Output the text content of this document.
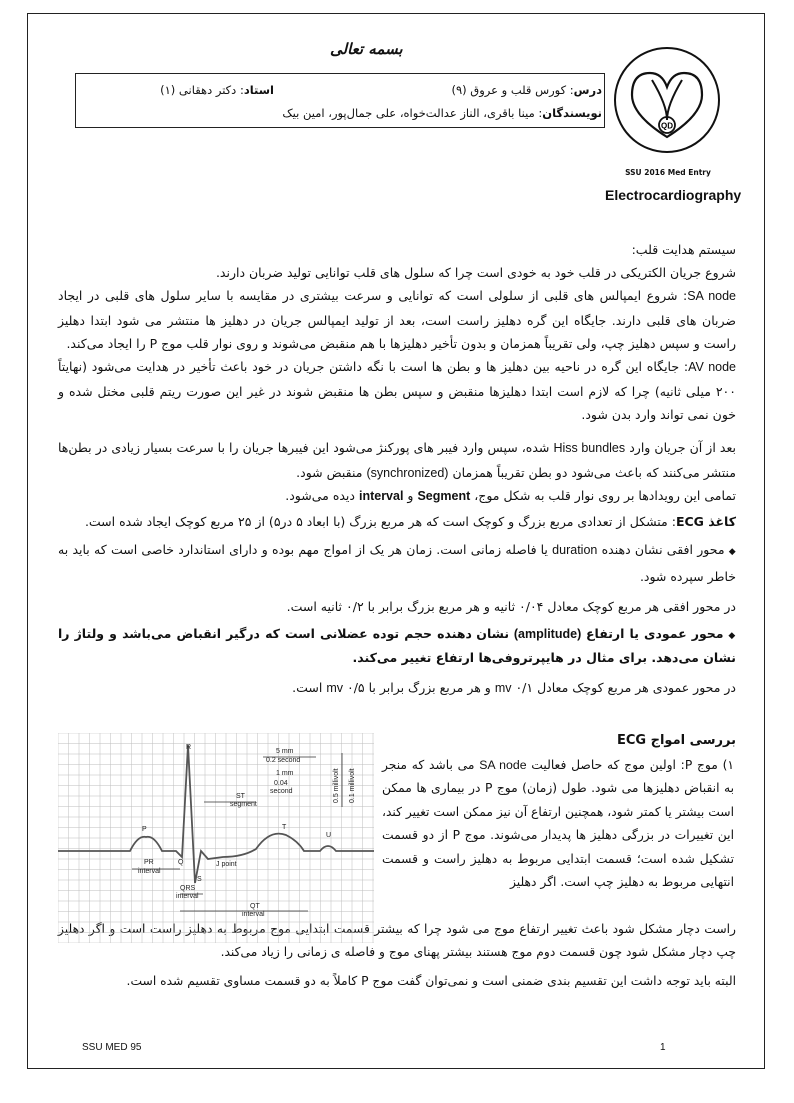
بسمه تعالی
درس: کورس قلب و عروق (۹)
استاد: دکتر دهقانی (۱)
نویسندگان: مینا باقری، الناز عدالت‌خواه، علی جمال‌پور، امین بیک
QD
SSU 2016 Med Entry
Electrocardiography
سیستم هدایت قلب:
شروع جریان الکتریکی در قلب خود به خودی است چرا که سلول های قلب توانایی تولید ضربان دارند.
SA node: شروع ایمپالس های قلبی از سلولی است که توانایی و سرعت بیشتری در مقایسه با سایر سلول های قلبی در ایجاد ضربان های قلبی دارند. جایگاه این گره دهلیز راست است، بعد از تولید ایمپالس جریان در دهلیز ها منتشر می شود ابتدا دهلیز راست و سپس دهلیز چپ، ولی تقریباً همزمان و بدون تأخیر دهلیزها با هم منقبض می‌شوند و روی نوار قلب موج P را ایجاد می‌کند.
AV node: جایگاه این گره در ناحیه بین دهلیز ها و بطن ها است با نگه داشتن جریان در خود باعث تأخیر در هدایت می‌شود (نهایتاً ۲۰۰ میلی ثانیه) چرا که لازم است ابتدا دهلیزها منقبض و سپس بطن ها منقبض شوند در غیر این صورت ریتم قلبی مختل شده و خون نمی تواند وارد بدن شود.
بعد از آن جریان وارد Hiss bundles شده، سپس وارد فیبر های پورکنژ می‌شود این فیبرها جریان را با سرعت بسیار زیادی در بطن‌ها منتشر می‌کنند که باعث می‌شود دو بطن تقریباً همزمان (synchronized) منقبض شود.
تمامی این رویدادها بر روی نوار قلب به شکل موج، Segment و interval دیده می‌شود.
کاغذ ECG: متشکل از تعدادی مربع بزرگ و کوچک است که هر مربع بزرگ (با ابعاد ۵ در۵) از ۲۵ مربع کوچک ایجاد شده است.
◆ محور افقی نشان دهنده duration یا فاصله زمانی است. زمان هر یک از امواج مهم بوده و دارای استاندارد خاصی است که باید به خاطر سپرده شود.
در محور افقی هر مربع کوچک معادل ۰/۰۴ ثانیه و هر مربع بزرگ برابر با ۰/۲ ثانیه است.
◆ محور عمودی یا ارتفاع (amplitude) نشان دهنده حجم توده عضلانی است که درگیر انقباض می‌باشد و ولتاژ را نشان می‌دهد. برای مثال در هایپرتروفی‌ها ارتفاع تغییر می‌کند.
در محور عمودی هر مربع کوچک معادل ۰/۱ mv و هر مربع بزرگ برابر با ۰/۵ mv است.
بررسی امواج ECG
۱) موج P: اولین موج که حاصل فعالیت SA node می باشد که منجر به انقباض دهلیزها می شود. طول (زمان) موج P در بیماری ها ممکن است بیشتر یا کمتر شود، همچنین ارتفاع آن نیز ممکن است تغییر کند، این تغییرات در بزرگی دهلیز ها پدیدار می‌شوند. موج P از دو قسمت تشکیل شده است؛ قسمت ابتدایی مربوط به دهلیز راست و قسمت انتهایی مربوط به دهلیز چپ است. اگر دهلیز
راست دچار مشکل شود باعث تغییر ارتفاع موج می شود چرا که بیشتر قسمت ابتدایی موج مربوط به دهلیز راست است و اگر دهلیز چپ دچار مشکل شود چون قسمت دوم موج هستند بیشتر پهنای موج و فاصله ی زمانی را زیاد می‌کند.
البته باید توجه داشت این تقسیم بندی ضمنی است و نمی‌توان گفت موج P کاملاً به دو قسمت مساوی تقسیم شده است.
R
P
Q
S
T
U
PR
interval
QRS
interval
QT
interval
ST
segment
J point
5 mm
0.2 second
1 mm
0.04
second	0.5 millivolt 0.1 millivolt
SSU MED 95	1
